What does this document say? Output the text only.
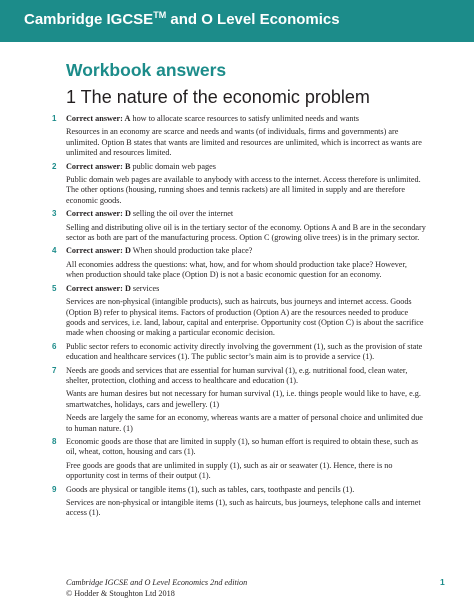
Cambridge IGCSE™ and O Level Economics
Workbook answers
1 The nature of the economic problem
1 Correct answer: A how to allocate scarce resources to satisfy unlimited needs and wants

Resources in an economy are scarce and needs and wants (of individuals, firms and governments) are unlimited. Option B states that wants are limited and resources are unlimited, which is incorrect as wants are unlimited and resources limited.

2 Correct answer: B public domain web pages

Public domain web pages are available to anybody with access to the internet. Access therefore is unlimited. The other options (housing, running shoes and tennis rackets) are all limited in supply and are therefore economic goods.

3 Correct answer: D selling the oil over the internet

Selling and distributing olive oil is in the tertiary sector of the economy. Options A and B are in the secondary sector as both are part of the manufacturing process. Option C (growing olive trees) is in the primary sector.

4 Correct answer: D When should production take place?

All economies address the questions: what, how, and for whom should production take place? However, when production should take place (Option D) is not a basic economic question for an economy.

5 Correct answer: D services

Services are non-physical (intangible products), such as haircuts, bus journeys and internet access. Goods (Option B) refer to physical items. Factors of production (Option A) are the resources needed to produce goods and services, i.e. land, labour, capital and enterprise. Opportunity cost (Option C) is about the sacrifice made when choosing or making a particular economic decision.

6 Public sector refers to economic activity directly involving the government (1), such as the provision of state education and healthcare services (1). The public sector’s main aim is to provide a service (1).

7 Needs are goods and services that are essential for human survival (1), e.g. nutritional food, clean water, shelter, protection, clothing and access to healthcare and education (1).

Wants are human desires but not necessary for human survival (1), i.e. things people would like to have, e.g. smartwatches, holidays, cars and jewellery. (1)

Needs are largely the same for an economy, whereas wants are a matter of personal choice and unlimited due to human nature. (1)

8 Economic goods are those that are limited in supply (1), so human effort is required to obtain these, such as oil, wheat, cotton, housing and cars (1).

Free goods are goods that are unlimited in supply (1), such as air or seawater (1). Hence, there is no opportunity cost in terms of their output (1).

9 Goods are physical or tangible items (1), such as tables, cars, toothpaste and pencils (1).

Services are non-physical or intangible items (1), such as haircuts, bus journeys, telephone calls and internet access (1).

Cambridge IGCSE and O Level Economics 2nd edition
© Hodder & Stoughton Ltd 2018
1
